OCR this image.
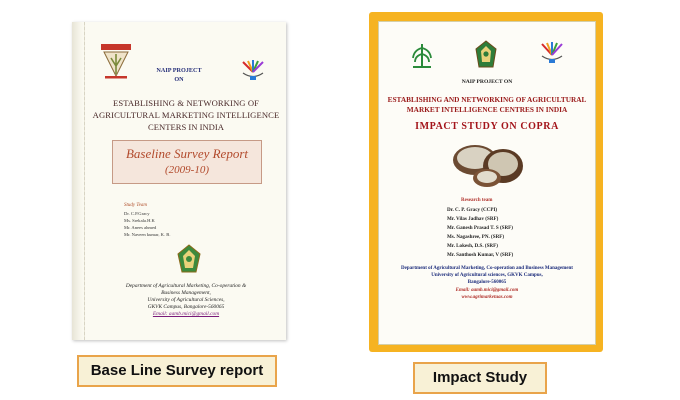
NAIP PROJECT
ON
ESTABLISHING & NETWORKING OF
AGRICULTURAL MARKETING INTELLIGENCE
CENTERS IN INDIA
Baseline Survey Report
(2009-10)
Study Team
Dr. C.P.Gracy
Ms. Srekala.H.K
Mr. Anees ahmed
Mr. Naveen kumar, K. B.
Department of Agricultural Marketing, Co-operation &
Business Management,
University of Agricultural Sciences,
GKVK Campus, Bangalore-560065
Email: aamb.mici@gmail.com
Base Line Survey report
NAIP PROJECT ON
ESTABLISHING AND NETWORKING OF AGRICULTURAL
MARKET INTELLIGENCE CENTRES IN INDIA
IMPACT STUDY ON COPRA
Research team
Dr. C. P. Gracy (CCPI)
Mr. Vilas Jadhav (SRF)
Mr. Ganesh Prasad T. S (SRF)
Ms. Nagashree, PN. (SRF)
Mr. Lokesh, D.S. (SRF)
Mr. Santhosh Kumar, V (SRF)
Department of Agricultural Marketing, Co-operation and Business Management
University of Agricultural sciences, GKVK Campus,
Bangalore-560065
Email: aamb.mici@gmail.com
www.agrimarketuas.com
Impact Study
